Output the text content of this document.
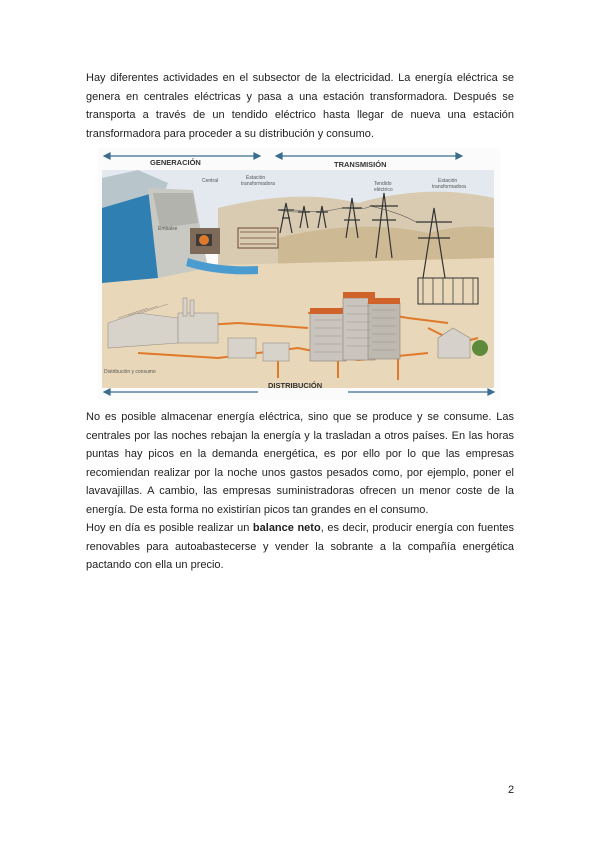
Hay diferentes actividades en el subsector de la electricidad. La energía eléctrica se genera en centrales eléctricas y pasa a una estación transformadora. Después se transporta a través de un tendido eléctrico hasta llegar de nueva una estación transformadora para proceder a su distribución y consumo.

GENERACIÓN	TRANSMISIÓN
DISTRIBUCIÓN
Central	Estación
transformadora	Tendido
eléctrico
Estación
transformadora
Embalse
Distribución y consumo

No es posible almacenar energía eléctrica, sino que se produce y se consume. Las centrales por las noches rebajan la energía y la trasladan a otros países. En las horas puntas hay picos en la demanda energética, es por ello por lo que las empresas recomiendan realizar por la noche unos gastos pesados como, por ejemplo, poner el lavavajillas. A cambio, las empresas suministradoras ofrecen un menor coste de la energía. De esta forma no existirían picos tan grandes en el consumo.

Hoy en día es posible realizar un balance neto, es decir, producir energía con fuentes renovables para autoabastecerse y vender la sobrante a la compañía energética pactando con ella un precio.

2
